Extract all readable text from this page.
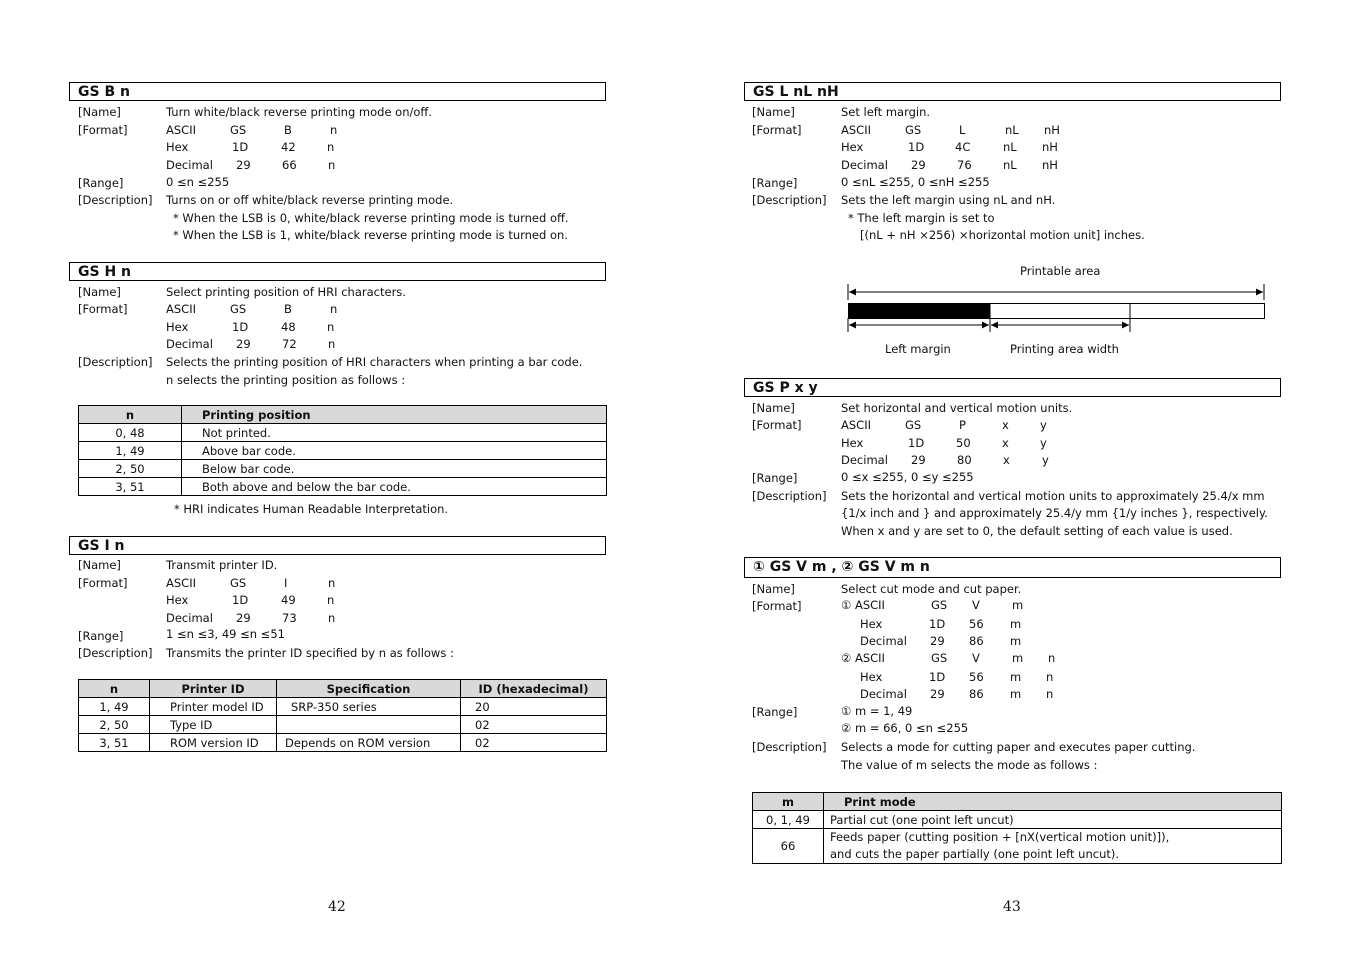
GS B n
[Name]	Turn white/black reverse printing mode on/off.
[Format]	ASCII	GS	B	n
Hex	1D	42	n
Decimal 29	66	n
[Range]	0 ≤n ≤255
[Description] Turns on or off white/black reverse printing mode.
* When the LSB is 0, white/black reverse printing mode is turned off.
* When the LSB is 1, white/black reverse printing mode is turned on.
GS H n
[Name]	Select printing position of HRI characters.
[Format]	ASCII	GS	B	n
Hex	1D	48	n
Decimal 29	72	n
[Description] Selects the printing position of HRI characters when printing a bar code.
n selects the printing position as follows :
n	Printing position
0, 48	Not printed.
1, 49	Above bar code.
2, 50	Below bar code.
3, 51	Both above and below the bar code.
* HRI indicates Human Readable Interpretation.
GS I n
[Name]	Transmit printer ID.
[Format]	ASCII	GS	I	n
Hex	1D	49	n
Decimal 29	73	n
[Range]	1 ≤n ≤3, 49 ≤n ≤51
[Description] Transmits the printer ID specified by n as follows :
n	Printer ID	Specification	ID (hexadecimal)
1, 49	Printer model ID	SRP-350 series	20
2, 50	Type ID		02
3, 51	ROM version ID	Depends on ROM version	02
42
GS L nL nH
[Name]	Set left margin.
[Format]	ASCII	GS	L	nL nH
Hex	1D	4C	nL nH
Decimal 29	76	nL nH
[Range]	0 ≤nL ≤255, 0 ≤nH ≤255
[Description] Sets the left margin using nL and nH.
* The left margin is set to
[(nL + nH ×256) ×horizontal motion unit] inches.
Printable area
Left margin	Printing area width
GS P x y
[Name]	Set horizontal and vertical motion units.
[Format]	ASCII	GS	P	x	y
Hex	1D	50	x	y
Decimal 29	80	x	y
[Range]	0 ≤x ≤255, 0 ≤y ≤255
[Description] Sets the horizontal and vertical motion units to approximately 25.4/x mm
{1/x inch and } and approximately 25.4/y mm {1/y inches }, respectively.
When x and y are set to 0, the default setting of each value is used.
① GS V m , ② GS V m n
[Name]	Select cut mode and cut paper.
[Format]	① ASCII	GS V	m
Hex	1D 56 m
Decimal 29 86 m
② ASCII	GS V	m n
Hex	1D 56 m n
Decimal 29 86 m n
[Range]	① m = 1, 49
② m = 66, 0 ≤n ≤255
[Description] Selects a mode for cutting paper and executes paper cutting.
The value of m selects the mode as follows :
m	Print mode
0, 1, 49	Partial cut (one point left uncut)
66	Feeds paper (cutting position + [nX(vertical motion unit)]),
and cuts the paper partially (one point left uncut).
43
